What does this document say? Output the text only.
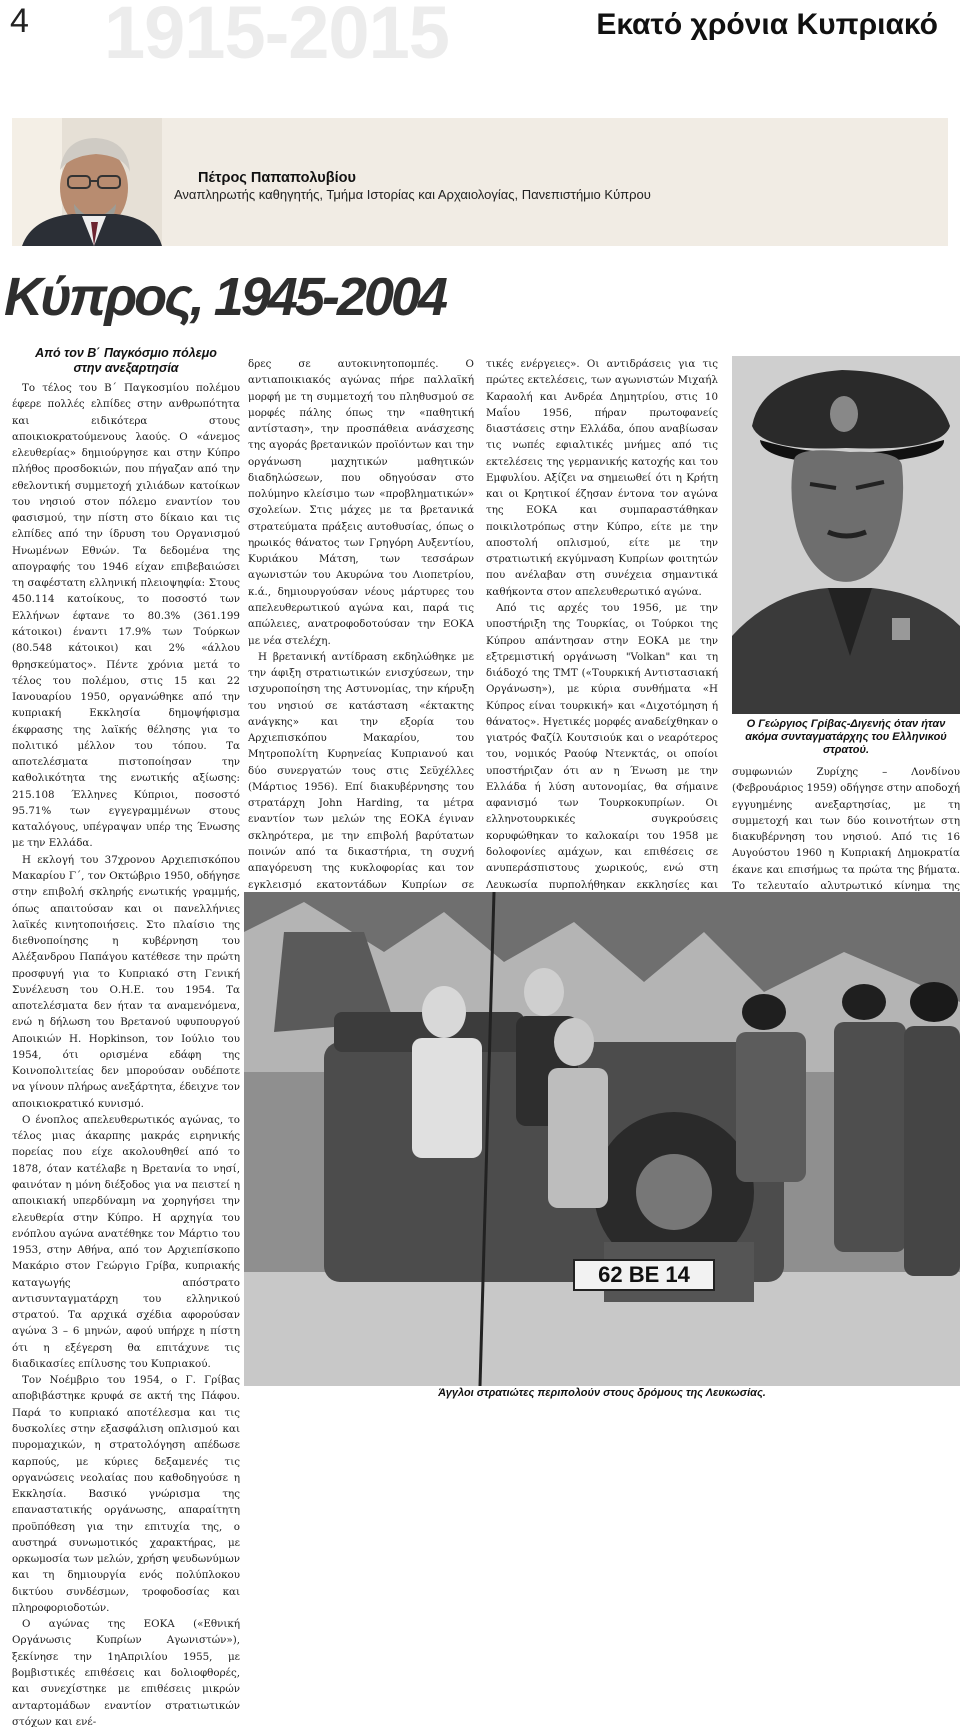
4 1915-2015	Εκατό χρόνια Κυπριακό
Πέτρος Παπαπολυβίου
Αναπληρωτής καθηγητής, Τμήμα Ιστορίας και Αρχαιολογίας, Πανεπιστήμιο Κύπρου
Κύπρος, 1945-2004
Από τον Β΄ Παγκόσμιο πόλεμο
στην ανεξαρτησία

Το τέλος του Β΄ Παγκοσμίου πολέμου έφερε πολλές ελπίδες στην ανθρωπότητα και ειδικότερα στους αποικιοκρατούμενους λαούς. Ο «άνεμος ελευθερίας» δημιούργησε και στην Κύπρο πλήθος προσδοκιών, που πήγαζαν από την εθελοντική συμμετοχή χιλιάδων κατοίκων του νησιού στον πόλεμο εναντίον του φασισμού, την πίστη στο δίκαιο και τις ελπίδες από την ίδρυση του Οργανισμού Ηνωμένων Εθνών. Τα δεδομένα της απογραφής του 1946 είχαν επιβεβαιώσει τη σαφέστατη ελληνική πλειοψηφία: Στους 450.114 κατοίκους, το ποσοστό των Ελλήνων έφτανε το 80.3% (361.199 κάτοικοι) έναντι 17.9% των Τούρκων (80.548 κάτοικοι) και 2% «άλλου θρησκεύματος». Πέντε χρόνια μετά το τέλος του πολέμου, στις 15 και 22 Ιανουαρίου 1950, οργανώθηκε από την κυπριακή Εκκλησία δημοψήφισμα έκφρασης της λαϊκής θέλησης για το πολιτικό μέλλον του τόπου. Τα αποτελέσματα πιστοποίησαν την καθολικότητα της ενωτικής αξίωσης: 215.108 Έλληνες Κύπριοι, ποσοστό 95.71% των εγγεγραμμένων στους καταλόγους, υπέγραψαν υπέρ της Ένωσης με την Ελλάδα.

Η εκλογή του 37χρονου Αρχιεπισκόπου Μακαρίου Γ΄, τον Οκτώβριο 1950, οδήγησε στην επιβολή σκληρής ενωτικής γραμμής, όπως απαιτούσαν και οι πανελλήνιες λαϊκές κινητοποιήσεις. Στο πλαίσιο της διεθνοποίησης η κυβέρνηση του Αλέξανδρου Παπάγου κατέθεσε την πρώτη προσφυγή για το Κυπριακό στη Γενική Συνέλευση του Ο.Η.Ε. του 1954. Τα αποτελέσματα δεν ήταν τα αναμενόμενα, ενώ η δήλωση του Βρετανού υφυπουργού Αποικιών Η. Hopkinson, τον Ιούλιο του 1954, ότι ορισμένα εδάφη της Κοινοπολιτείας δεν μπορούσαν ουδέποτε να γίνουν πλήρως ανεξάρτητα, έδειχνε τον αποικιοκρατικό κυνισμό.

Ο ένοπλος απελευθερωτικός αγώνας, το τέλος μιας άκαρπης μακράς ειρηνικής πορείας που είχε ακολουθηθεί από το 1878, όταν κατέλαβε η Βρετανία το νησί, φαινόταν η μόνη διέξοδος για να πειστεί η αποικιακή υπερδύναμη να χορηγήσει την ελευθερία στην Κύπρο. Η αρχηγία του ενόπλου αγώνα ανατέθηκε τον Μάρτιο του 1953, στην Αθήνα, από τον Αρχιεπίσκοπο Μακάριο στον Γεώργιο Γρίβα, κυπριακής καταγωγής απόστρατο αντισυνταγματάρχη του ελληνικού στρατού. Τα αρχικά σχέδια αφορούσαν αγώνα 3 – 6 μηνών, αφού υπήρχε η πίστη ότι η εξέγερση θα επιτάχυνε τις διαδικασίες επίλυσης του Κυπριακού.

Τον Νοέμβριο του 1954, ο Γ. Γρίβας αποβιβάστηκε κρυφά σε ακτή της Πάφου. Παρά το κυπριακό αποτέλεσμα και τις δυσκολίες στην εξασφάλιση οπλισμού και πυρομαχικών, η στρατολόγηση απέδωσε καρπούς, με κύριες δεξαμενές τις οργανώσεις νεολαίας που καθοδηγούσε η Εκκλησία. Βασικό γνώρισμα της επαναστατικής οργάνωσης, απαραίτητη προϋπόθεση για την επιτυχία της, ο αυστηρά συνωμοτικός χαρακτήρας, με ορκωμοσία των μελών, χρήση ψευδωνύμων και τη δημιουργία ενός πολύπλοκου δικτύου συνδέσμων, τροφοδοσίας και πληροφοριοδοτών.

Ο αγώνας της ΕΟΚΑ («Εθνική Οργάνωσις Κυπρίων Αγωνιστών»), ξεκίνησε την 1ηΑπριλίου 1955, με βομβιστικές επιθέσεις και δολιοφθορές, και συνεχίστηκε με επιθέσεις μικρών ανταρτομάδων εναντίον στρατιωτικών στόχων και ενέ-

δρες σε αυτοκινητοπομπές. Ο αντιαποικιακός αγώνας πήρε παλλαϊκή μορφή με τη συμμετοχή του πληθυσμού σε μορφές πάλης όπως την «παθητική αντίσταση», την προσπάθεια ανάσχεσης της αγοράς βρετανικών προϊόντων και την οργάνωση μαχητικών μαθητικών διαδηλώσεων, που οδηγούσαν στο πολύμηνο κλείσιμο των «προβληματικών» σχολείων. Στις μάχες με τα βρετανικά στρατεύματα πράξεις αυτοθυσίας, όπως ο ηρωικός θάνατος των Γρηγόρη Αυξεντίου, Κυριάκου Μάτση, των τεσσάρων αγωνιστών του Ακυρώνα του Λιοπετρίου, κ.ά., δημιουργούσαν νέους μάρτυρες του απελευθερωτικού αγώνα και, παρά τις απώλειες, ανατροφοδοτούσαν την ΕΟΚΑ με νέα στελέχη.

Η βρετανική αντίδραση εκδηλώθηκε με την άφιξη στρατιωτικών ενισχύσεων, την ισχυροποίηση της Αστυνομίας, την κήρυξη του νησιού σε κατάσταση «έκτακτης ανάγκης» και την εξορία του Αρχιεπισκόπου Μακαρίου, του Μητροπολίτη Κυρηνείας Κυπριανού και δύο συνεργατών τους στις Σεϋχέλλες (Μάρτιος 1956). Επί διακυβέρνησης του στρατάρχη John Harding, τα μέτρα εναντίον των μελών της ΕΟΚΑ έγιναν σκληρότερα, με την επιβολή βαρύτατων ποινών από τα δικαστήρια, τη συχνή απαγόρευση της κυκλοφορίας και τον εγκλεισμό εκατοντάδων Κυπρίων σε

τικές ενέργειες». Οι αντιδράσεις για τις πρώτες εκτελέσεις, των αγωνιστών Μιχαήλ Καραολή και Ανδρέα Δημητρίου, στις 10 Μαΐου 1956, πήραν πρωτοφανείς διαστάσεις στην Ελλάδα, όπου αναβίωσαν τις νωπές εφιαλτικές μνήμες από τις εκτελέσεις της γερμανικής κατοχής και του Εμφυλίου. Αξίζει να σημειωθεί ότι η Κρήτη και οι Κρητικοί έζησαν έντονα τον αγώνα της ΕΟΚΑ και συμπαραστάθηκαν ποικιλοτρόπως στην Κύπρο, είτε με την αποστολή οπλισμού, είτε με την στρατιωτική εκγύμναση Κυπρίων φοιτητών που ανέλαβαν στη συνέχεια σημαντικά καθήκοντα στον απελευθερωτικό αγώνα.

Από τις αρχές του 1956, με την υποστήριξη της Τουρκίας, οι Τούρκοι της Κύπρου απάντησαν στην ΕΟΚΑ με την εξτρεμιστική οργάνωση "Volkan" και τη διάδοχό της ΤΜΤ («Τουρκική Αντιστασιακή Οργάνωση»), με κύρια συνθήματα «Η Κύπρος είναι τουρκική» και «Διχοτόμηση ή θάνατος». Ηγετικές μορφές αναδείχθηκαν ο γιατρός Φαζίλ Κουτσιούκ και ο νεαρότερος του, νομικός Ραούφ Ντενκτάς, οι οποίοι υποστήριζαν ότι αν η Ένωση με την Ελλάδα ή λύση αυτονομίας, θα σήμαινε αφανισμό των Τουρκοκυπρίων. Οι ελληνοτουρκικές συγκρούσεις κορυφώθηκαν το καλοκαίρι του 1958 με δολοφονίες αμάχων, και επιθέσεις σε ανυπεράσπιστους χωρικούς, ενώ στη Λευκωσία πυρπολήθηκαν εκκλησίες και

Ο Γεώργιος Γρίβας-Διγενής όταν ήταν ακόμα συνταγματάρχης του Ελληνικού στρατού.

συμφωνιών Ζυρίχης – Λονδίνου (Φεβρουάριος 1959) οδήγησε στην αποδοχή εγγυημένης ανεξαρτησίας, με τη συμμετοχή και των δύο κοινοτήτων στη διακυβέρνηση του νησιού. Από τις 16 Αυγούστου 1960 η Κυπριακή Δημοκρατία έκανε και επισήμως τα πρώτα της βήματα. Το τελευταίο αλυτρωτικό κίνημα της

62 BE 14
Άγγλοι στρατιώτες περιπολούν στους δρόμους της Λευκωσίας.
